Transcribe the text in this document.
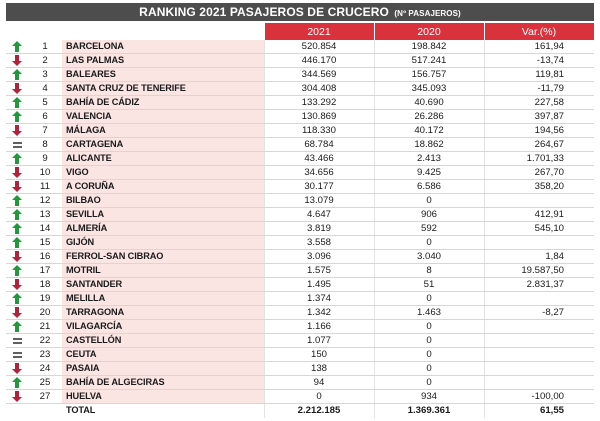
RANKING 2021 PASAJEROS DE CRUCERO (Nº PASAJEROS)
			2021	2020	Var.(%)
	1	BARCELONA	520.854	198.842	161,94
	2	LAS PALMAS	446.170	517.241	-13,74
	3	BALEARES	344.569	156.757	119,81
	4	SANTA CRUZ DE TENERIFE	304.408	345.093	-11,79
	5	BAHÍA DE CÁDIZ	133.292	40.690	227,58
	6	VALENCIA	130.869	26.286	397,87
	7	MÁLAGA	118.330	40.172	194,56
	8	CARTAGENA	68.784	18.862	264,67
	9	ALICANTE	43.466	2.413	1.701,33
	10	VIGO	34.656	9.425	267,70
	11	A CORUÑA	30.177	6.586	358,20
	12	BILBAO	13.079	0	
	13	SEVILLA	4.647	906	412,91
	14	ALMERÍA	3.819	592	545,10
	15	GIJÓN	3.558	0	
	16	FERROL-SAN CIBRAO	3.096	3.040	1,84
	17	MOTRIL	1.575	8	19.587,50
	18	SANTANDER	1.495	51	2.831,37
	19	MELILLA	1.374	0	
	20	TARRAGONA	1.342	1.463	-8,27
	21	VILAGARCÍA	1.166	0	
	22	CASTELLÓN	1.077	0	
	23	CEUTA	150	0	
	24	PASAIA	138	0	
	25	BAHÍA DE ALGECIRAS	94	0	
	27	HUELVA	0	934	-100,00
		TOTAL	2.212.185	1.369.361	61,55
